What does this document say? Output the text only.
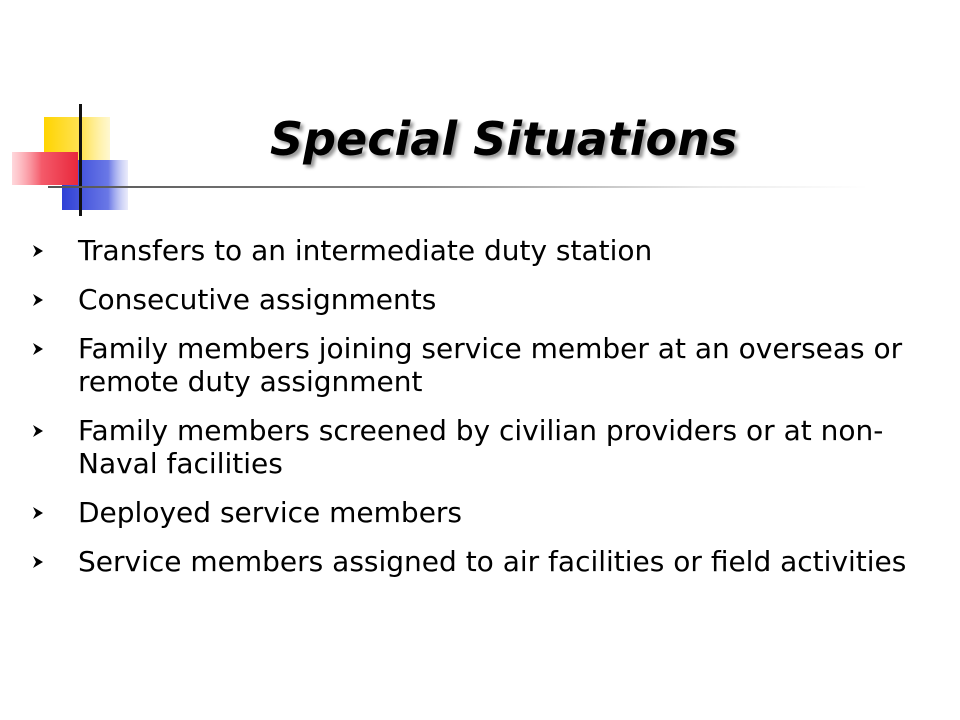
Special Situations
Transfers to an intermediate duty station
Consecutive assignments
Family members joining service member at an overseas or remote duty assignment
Family members screened by civilian providers or at non-Naval facilities
Deployed service members
Service members assigned to air facilities or field activities
